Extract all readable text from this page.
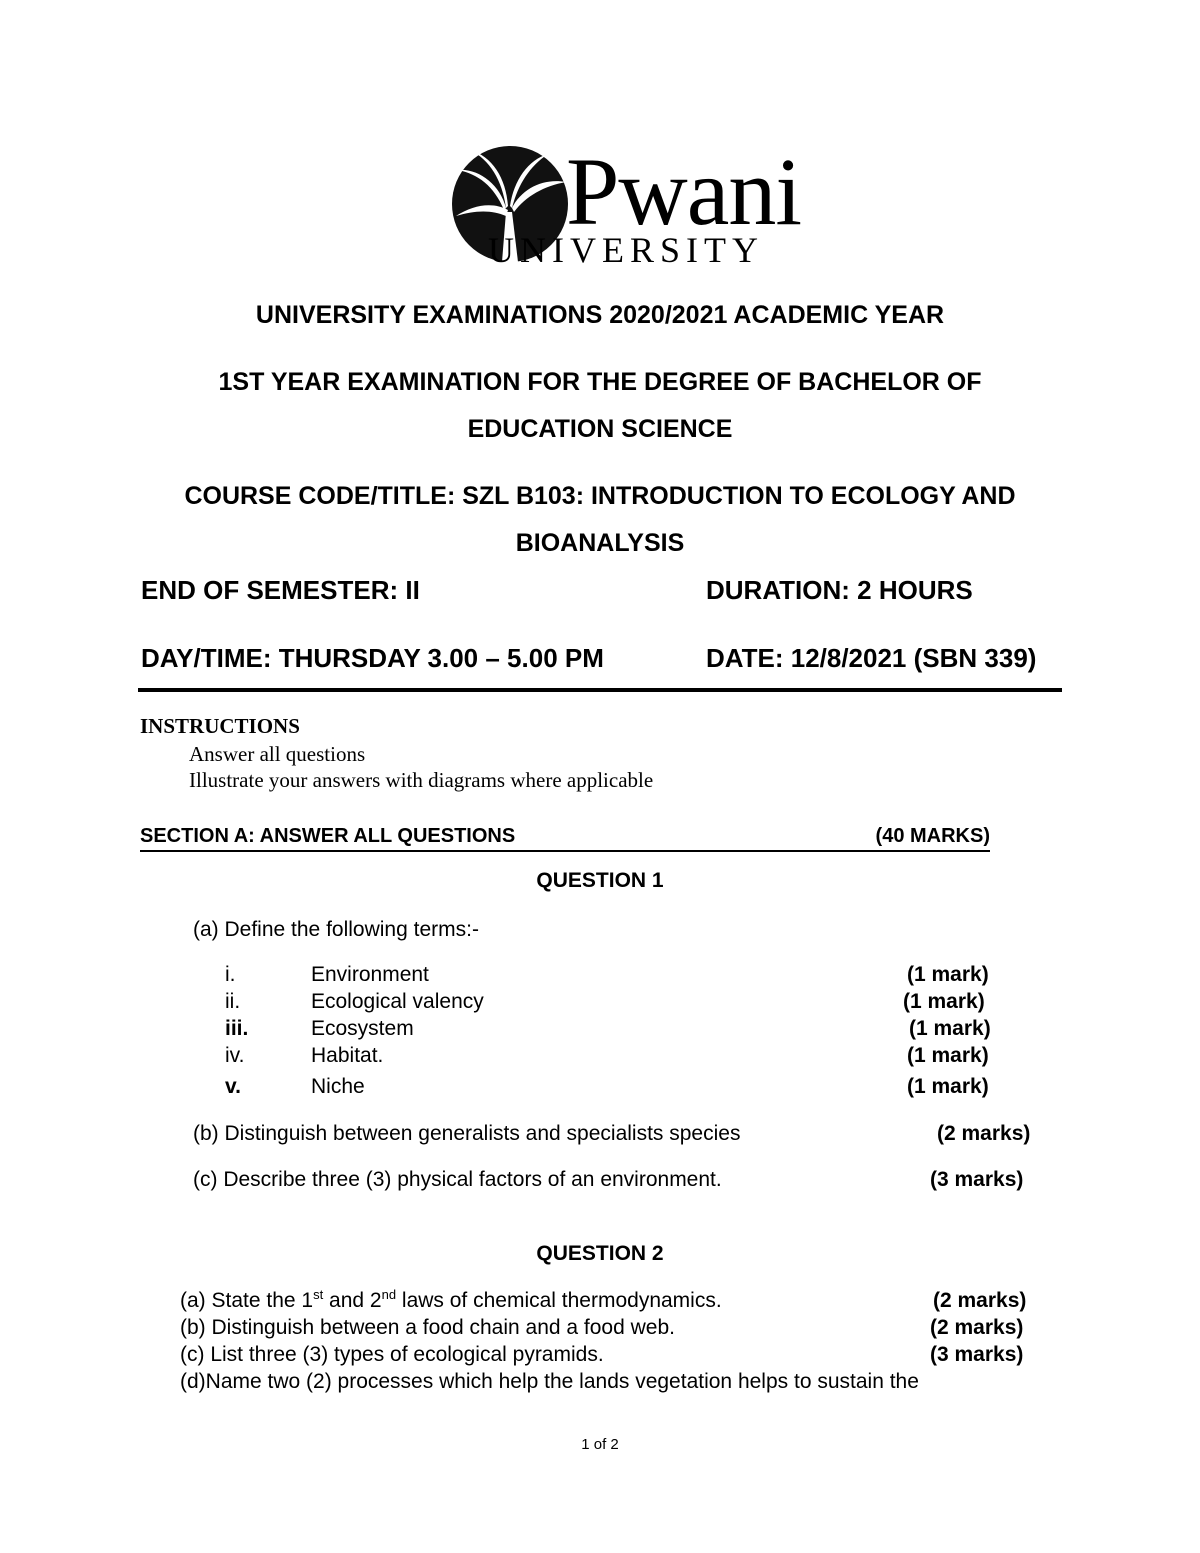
Pwani
UNIVERSITY
UNIVERSITY EXAMINATIONS 2020/2021 ACADEMIC YEAR
1ST YEAR EXAMINATION FOR THE DEGREE OF BACHELOR OF
EDUCATION SCIENCE
COURSE CODE/TITLE: SZL B103: INTRODUCTION TO ECOLOGY AND
BIOANALYSIS
END OF SEMESTER: II	DURATION: 2 HOURS
DAY/TIME: THURSDAY 3.00 – 5.00 PM	DATE: 12/8/2021 (SBN 339)
INSTRUCTIONS
Answer all questions
Illustrate your answers with diagrams where applicable
SECTION A: ANSWER ALL QUESTIONS	(40 MARKS)
QUESTION 1
(a) Define the following terms:-
i.	Environment	(1 mark)
ii.	Ecological valency	(1 mark)
iii.	Ecosystem	(1 mark)
iv.	Habitat.	(1 mark)
v.	Niche	(1 mark)
(b) Distinguish between generalists and specialists species	(2 marks)
(c) Describe three (3) physical factors of an environment.	(3 marks)
QUESTION 2
(a) State the 1st and 2nd laws of chemical thermodynamics.	(2 marks)
(b) Distinguish between a food chain and a food web.	(2 marks)
(c) List three (3) types of ecological pyramids.	(3 marks)
(d)Name two (2) processes which help the lands vegetation helps to sustain the
1 of 2
